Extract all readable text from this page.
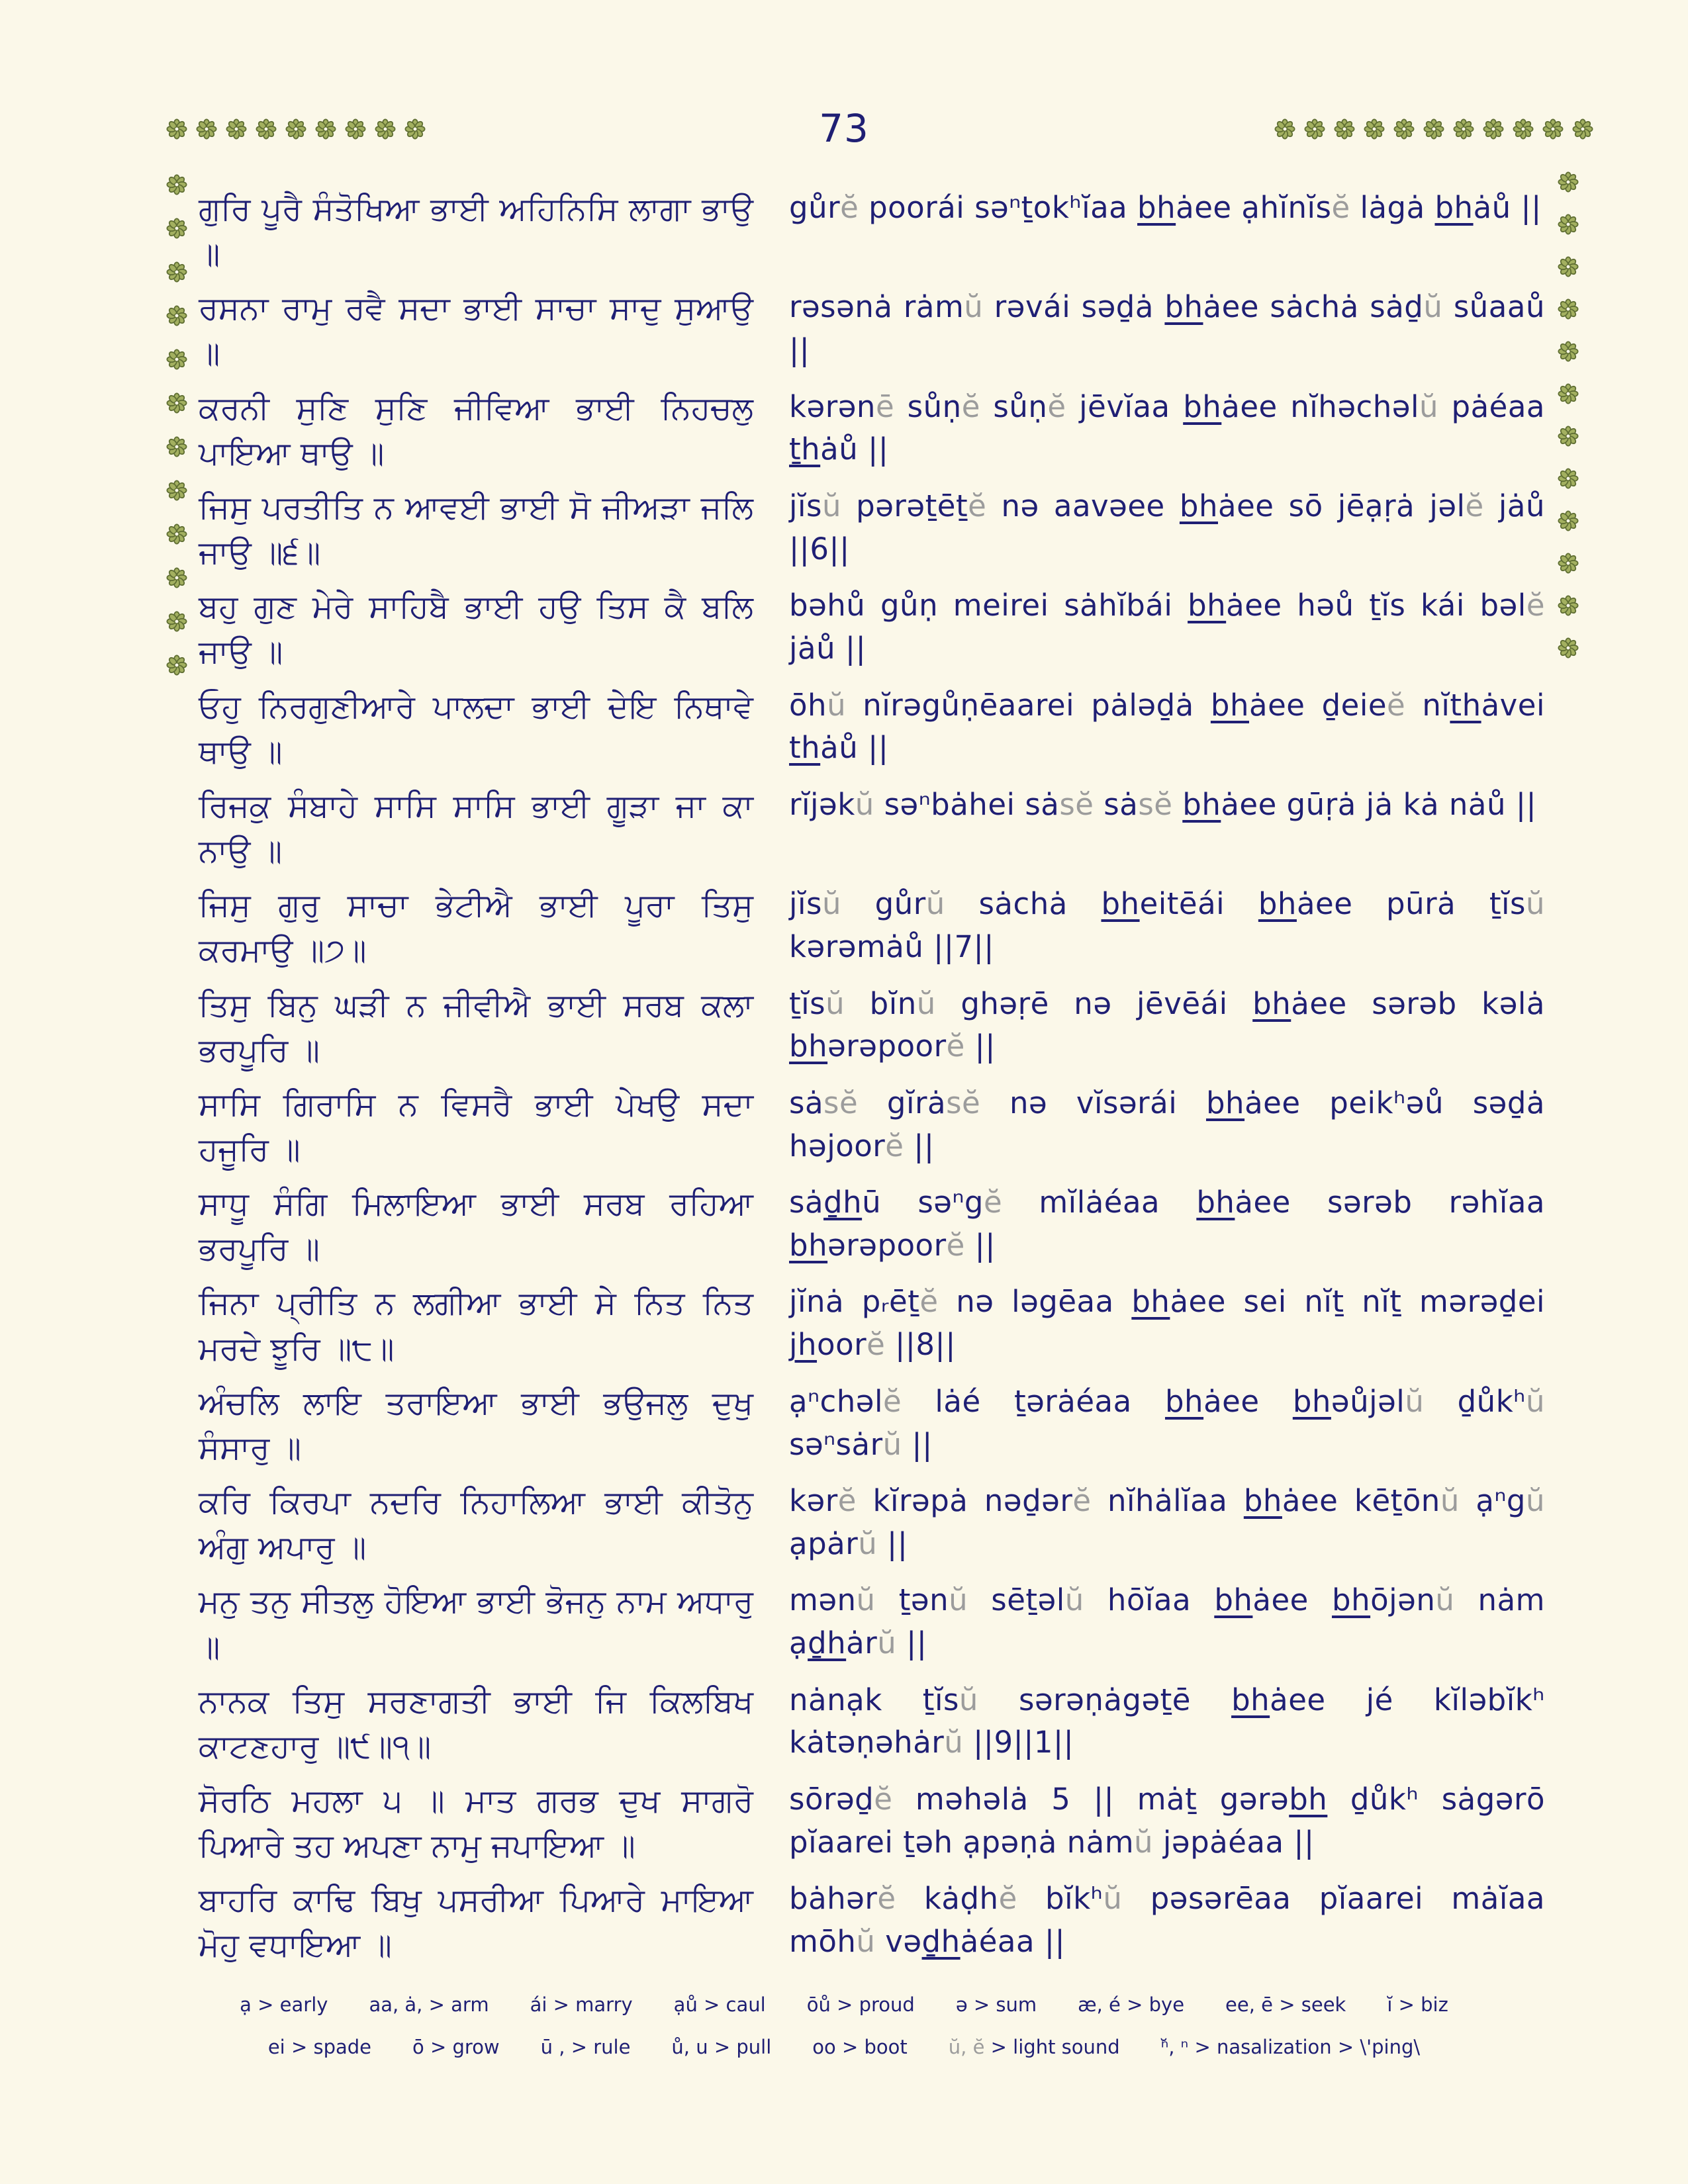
73
ਗੁਰਿ ਪੂਰੈ ਸੰਤੋਖਿਆ ਭਾਈ ਅਹਿਨਿਸਿ ਲਾਗਾ ਭਾਉ ॥
gůrĕ poorái səⁿṯokʰĭaa bhȧee ạhĭnĭsĕ lȧgȧ bhȧů ||
ਰਸਨਾ ਰਾਮੁ ਰਵੈ ਸਦਾ ਭਾਈ ਸਾਚਾ ਸਾਦੁ ਸੁਆਉ ॥
rəsənȧ rȧmŭ rəvái səḏȧ bhȧee sȧchȧ sȧḏŭ sůaaů ||
ਕਰਨੀ ਸੁਣਿ ਸੁਣਿ ਜੀਵਿਆ ਭਾਈ ਨਿਹਚਲੁ ਪਾਇਆ ਥਾਉ ॥
kərənē sůṇĕ sůṇĕ jēvĭaa bhȧee nĭhəchəlŭ pȧéaa ṯhȧů ||
ਜਿਸੁ ਪਰਤੀਤਿ ਨ ਆਵਈ ਭਾਈ ਸੋ ਜੀਅੜਾ ਜਲਿ ਜਾਉ ॥੬॥
jĭsŭ pərəṯēṯĕ nə aavəee bhȧee sō jēạṛȧ jəlĕ jȧů ||6||
ਬਹੁ ਗੁਣ ਮੇਰੇ ਸਾਹਿਬੈ ਭਾਈ ਹਉ ਤਿਸ ਕੈ ਬਲਿ ਜਾਉ ॥
bəhů gůṇ meirei sȧhĭbái bhȧee həů ṯĭs kái bəlĕ jȧů ||
ਓਹੁ ਨਿਰਗੁਣੀਆਰੇ ਪਾਲਦਾ ਭਾਈ ਦੇਇ ਨਿਥਾਵੇ ਥਾਉ ॥
ōhŭ nĭrəgůṇēaarei pȧləḏȧ bhȧee ḏeieĕ nĭthȧvei thȧů ||
ਰਿਜਕੁ ਸੰਬਾਹੇ ਸਾਸਿ ਸਾਸਿ ਭਾਈ ਗੂੜਾ ਜਾ ਕਾ ਨਾਉ ॥
rĭjəkŭ səⁿbȧhei sȧsĕ sȧsĕ bhȧee gūṛȧ jȧ kȧ nȧů ||
ਜਿਸੁ ਗੁਰੁ ਸਾਚਾ ਭੇਟੀਐ ਭਾਈ ਪੂਰਾ ਤਿਸੁ ਕਰਮਾਉ ॥੭॥
jĭsŭ gůrŭ sȧchȧ bheitēái bhȧee pūrȧ ṯĭsŭ kərəmȧů ||7||
ਤਿਸੁ ਬਿਨੁ ਘੜੀ ਨ ਜੀਵੀਐ ਭਾਈ ਸਰਬ ਕਲਾ ਭਰਪੂਰਿ ॥
ṯĭsŭ bĭnŭ ghəṛē nə jēvēái bhȧee sərəb kəlȧ bhərəpoorĕ ||
ਸਾਸਿ ਗਿਰਾਸਿ ਨ ਵਿਸਰੈ ਭਾਈ ਪੇਖਉ ਸਦਾ ਹਜੂਰਿ ॥
sȧsĕ gĭrȧsĕ nə vĭsərái bhȧee peikʰəů səḏȧ həjoorĕ ||
ਸਾਧੂ ਸੰਗਿ ਮਿਲਾਇਆ ਭਾਈ ਸਰਬ ਰਹਿਆ ਭਰਪੂਰਿ ॥
sȧḏhū səⁿgĕ mĭlȧéaa bhȧee sərəb rəhĭaa bhərəpoorĕ ||
ਜਿਨਾ ਪ੍ਰੀਤਿ ਨ ਲਗੀਆ ਭਾਈ ਸੇ ਨਿਤ ਨਿਤ ਮਰਦੇ ਝੂਰਿ ॥੮॥
jĭnȧ pᵣēṯĕ nə ləgēaa bhȧee sei nĭṯ nĭṯ mərəḏei jhoorĕ ||8||
ਅੰਚਲਿ ਲਾਇ ਤਰਾਇਆ ਭਾਈ ਭਉਜਲੁ ਦੁਖੁ ਸੰਸਾਰੁ ॥
ạⁿchəlĕ lȧé ṯərȧéaa bhȧee bhəůjəlŭ ḏůkʰŭ səⁿsȧrŭ ||
ਕਰਿ ਕਿਰਪਾ ਨਦਰਿ ਨਿਹਾਲਿਆ ਭਾਈ ਕੀਤੋਨੁ ਅੰਗੁ ਅਪਾਰੁ ॥
kərĕ kĭrəpȧ nəḏərĕ nĭhȧlĭaa bhȧee kēṯōnŭ ạⁿgŭ ạpȧrŭ ||
ਮਨੁ ਤਨੁ ਸੀਤਲੁ ਹੋਇਆ ਭਾਈ ਭੋਜਨੁ ਨਾਮ ਅਧਾਰੁ ॥
mənŭ ṯənŭ sēṯəlŭ hōĭaa bhȧee bhōjənŭ nȧm ạḏhȧrŭ ||
ਨਾਨਕ ਤਿਸੁ ਸਰਣਾਗਤੀ ਭਾਈ ਜਿ ਕਿਲਬਿਖ ਕਾਟਣਹਾਰੁ ॥੯॥੧॥
nȧnạk ṯĭsŭ sərəṇȧgəṯē bhȧee jé kĭləbĭkʰ kȧtəṇəhȧrŭ ||9||1||
ਸੋਰਠਿ ਮਹਲਾ ੫ ॥ ਮਾਤ ਗਰਭ ਦੁਖ ਸਾਗਰੋ ਪਿਆਰੇ ਤਹ ਅਪਣਾ ਨਾਮੁ ਜਪਾਇਆ ॥
sōrəḏĕ məhəlȧ 5 || mȧṯ gərəbh ḏůkʰ sȧgərō pĭaarei ṯəh ạpəṇȧ nȧmŭ jəpȧéaa ||
ਬਾਹਰਿ ਕਾਢਿ ਬਿਖੁ ਪਸਰੀਆ ਪਿਆਰੇ ਮਾਇਆ ਮੋਹੁ ਵਧਾਇਆ ॥
bȧhərĕ kȧḍhĕ bĭkʰŭ pəsərēaa pĭaarei mȧĭaa mōhŭ vəḏhȧéaa ||
ạ > early aa, ȧ, > arm ái > marry ạů > caul ōů > proud ə > sum æ, é > bye ee, ē > seek ĭ > biz
ei > spade ō > grow ū , > rule ů, u > pull oo > boot ŭ, ĕ > light sound ⁿ̆, ⁿ > nasalization > \'ping\
